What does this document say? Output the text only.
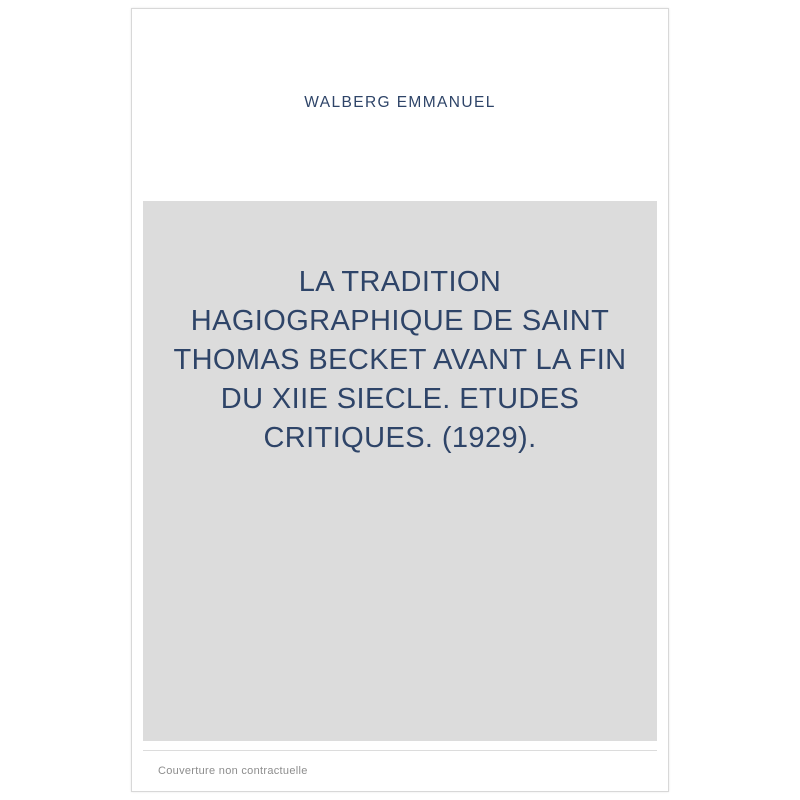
WALBERG EMMANUEL
LA TRADITION HAGIOGRAPHIQUE DE SAINT THOMAS BECKET AVANT LA FIN DU XIIE SIECLE. ETUDES CRITIQUES. (1929).
Couverture non contractuelle
